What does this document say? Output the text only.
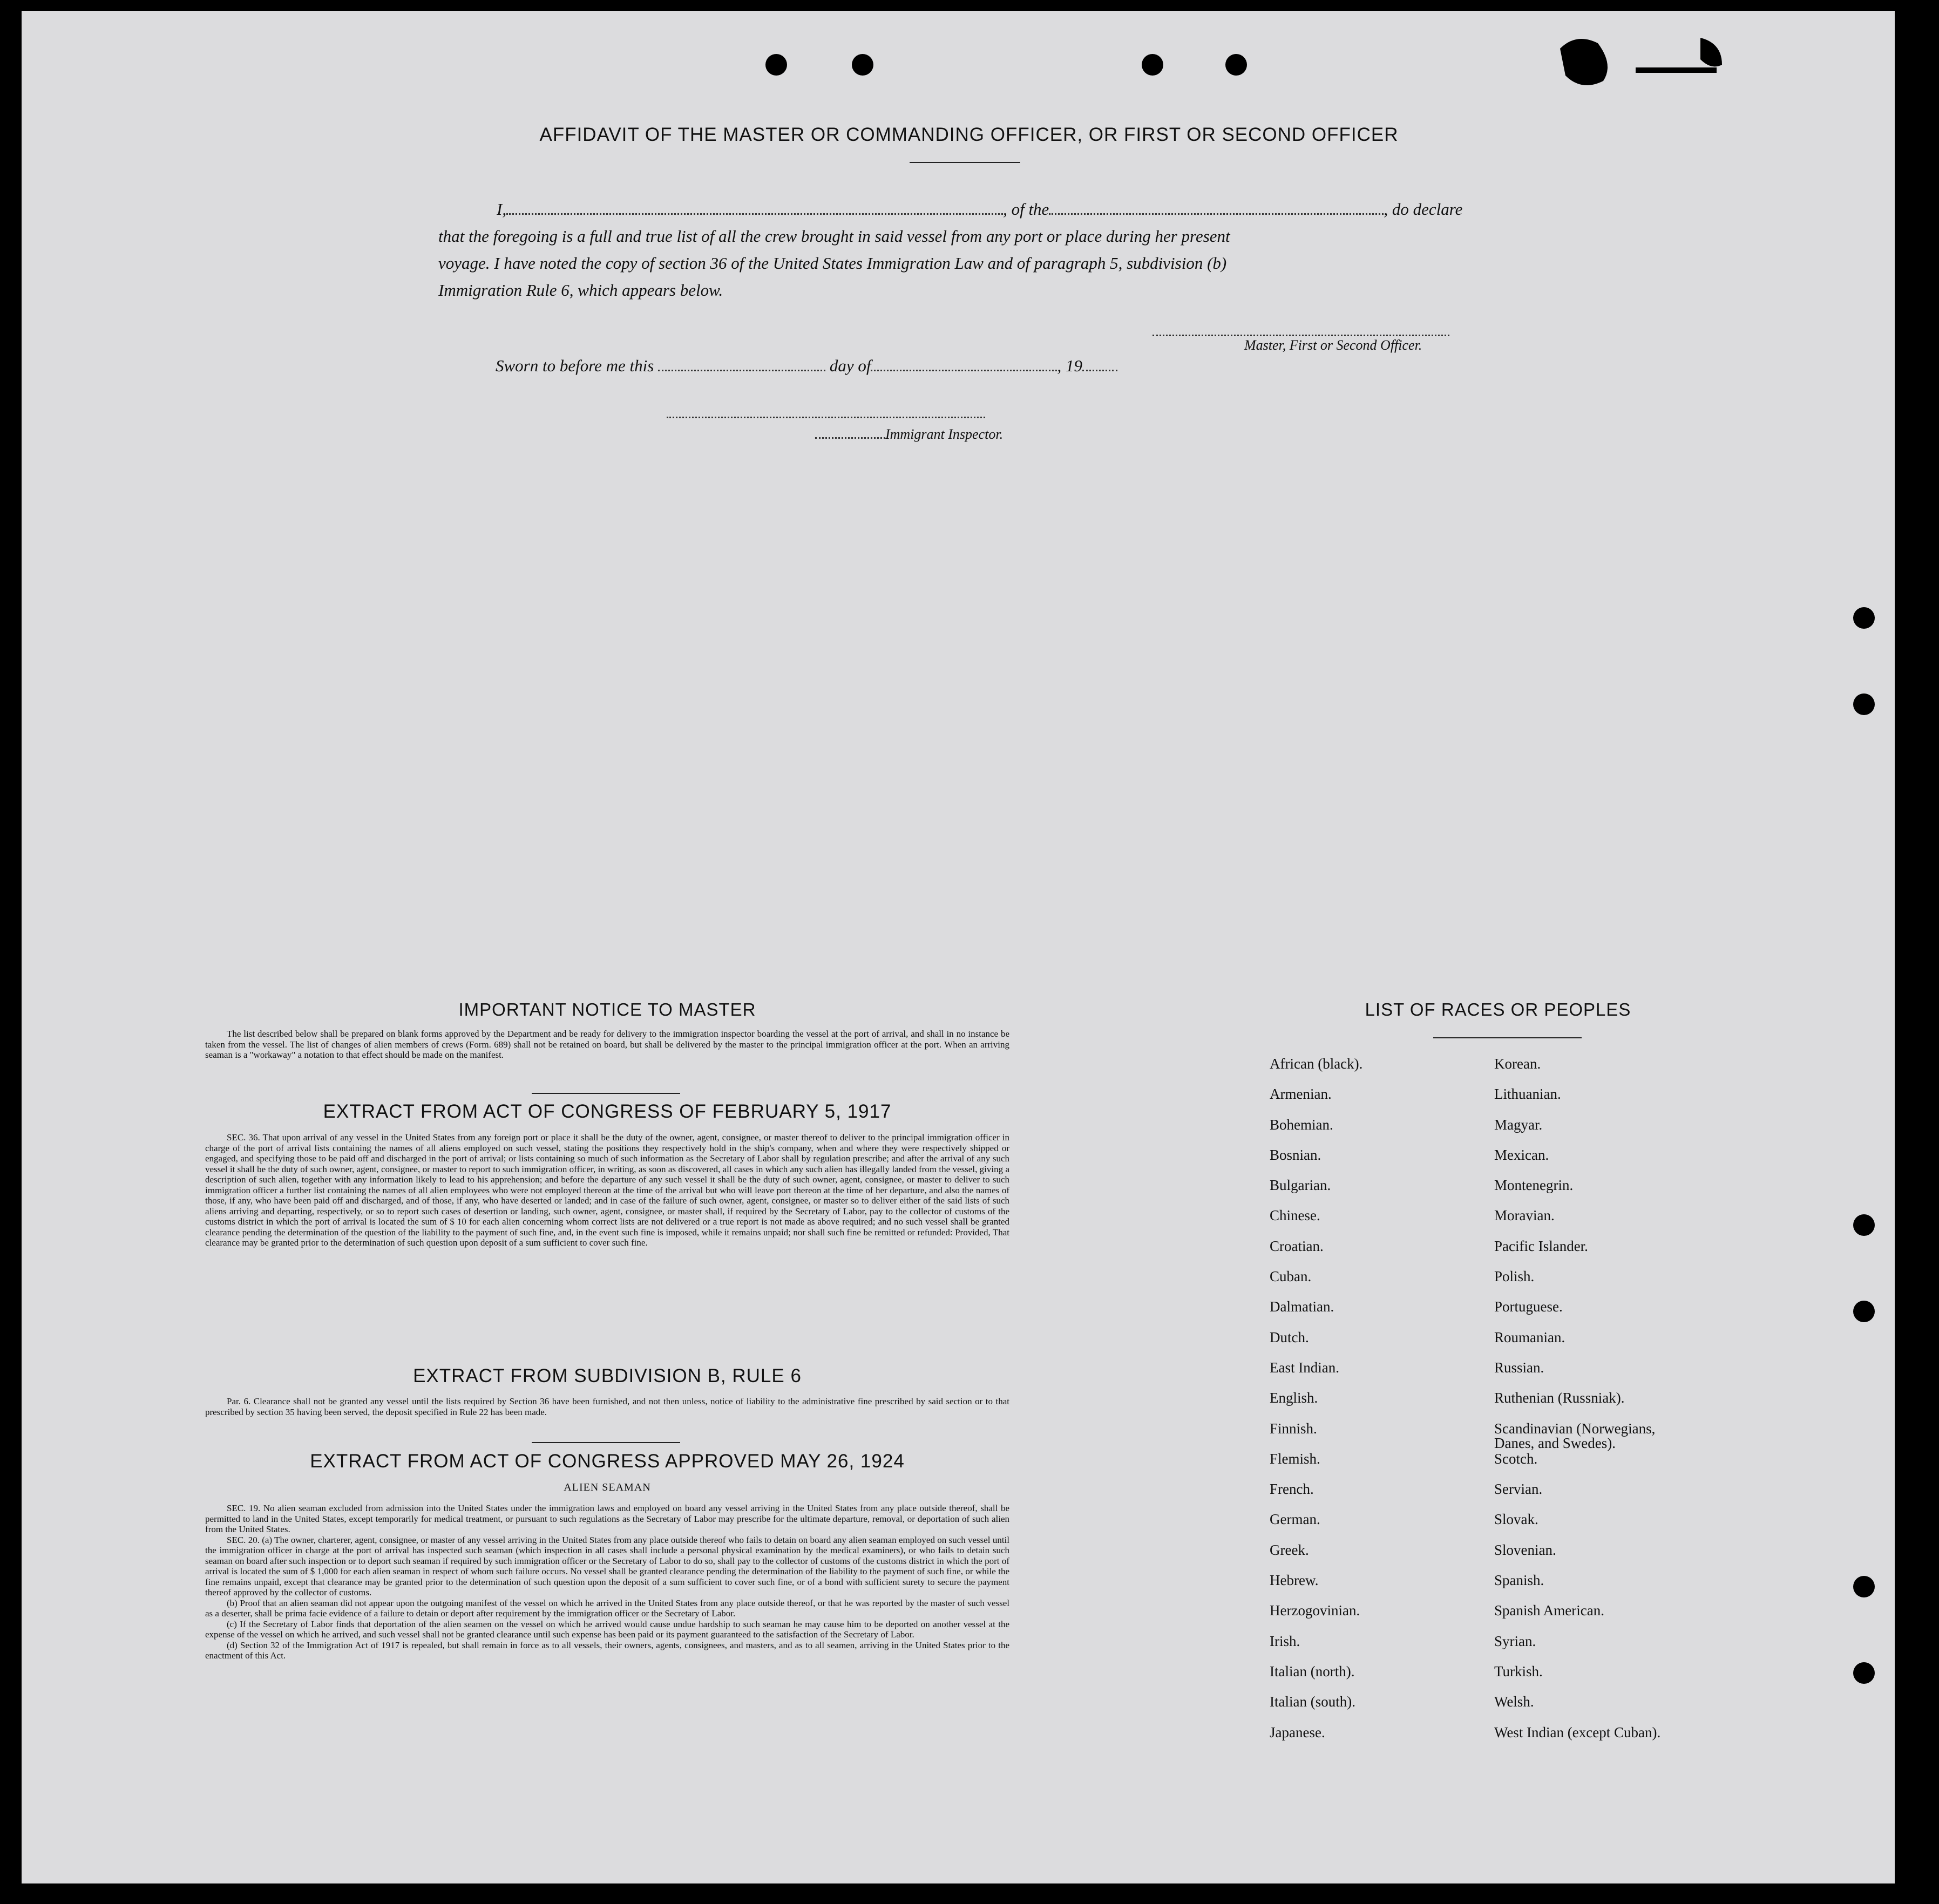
AFFIDAVIT OF THE MASTER OR COMMANDING OFFICER, OR FIRST OR SECOND OFFICER
I,	, of the	, do declare
that the foregoing is a full and true list of all the crew brought in said vessel from any port or place during her present
voyage. I have noted the copy of section 36 of the United States Immigration Law and of paragraph 5, subdivision (b)
Immigration Rule 6, which appears below.
Master, First or Second Officer.
Sworn to before me this	day of	, 19
Immigrant Inspector.
IMPORTANT NOTICE TO MASTER

The list described below shall be prepared on blank forms approved by the Department and be ready for delivery to the immigration inspector boarding the vessel at the port of arrival, and shall in no instance be taken from the vessel. The list of changes of alien members of crews (Form. 689) shall not be retained on board, but shall be delivered by the master to the principal immigration officer at the port. When an arriving seaman is a "workaway" a notation to that effect should be made on the manifest.

EXTRACT FROM ACT OF CONGRESS OF FEBRUARY 5, 1917

SEC. 36. That upon arrival of any vessel in the United States from any foreign port or place it shall be the duty of the owner, agent, consignee, or master thereof to deliver to the principal immigration officer in charge of the port of arrival lists containing the names of all aliens employed on such vessel, stating the positions they respectively hold in the ship's company, when and where they were respectively shipped or engaged, and specifying those to be paid off and discharged in the port of arrival; or lists containing so much of such information as the Secretary of Labor shall by regulation prescribe; and after the arrival of any such vessel it shall be the duty of such owner, agent, consignee, or master to report to such immigration officer, in writing, as soon as discovered, all cases in which any such alien has illegally landed from the vessel, giving a description of such alien, together with any information likely to lead to his apprehension; and before the departure of any such vessel it shall be the duty of such owner, agent, consignee, or master to deliver to such immigration officer a further list containing the names of all alien employees who were not employed thereon at the time of the arrival but who will leave port thereon at the time of her departure, and also the names of those, if any, who have been paid off and discharged, and of those, if any, who have deserted or landed; and in case of the failure of such owner, agent, consignee, or master so to deliver either of the said lists of such aliens arriving and departing, respectively, or so to report such cases of desertion or landing, such owner, agent, consignee, or master shall, if required by the Secretary of Labor, pay to the collector of customs of the customs district in which the port of arrival is located the sum of $ 10 for each alien concerning whom correct lists are not delivered or a true report is not made as above required; and no such vessel shall be granted clearance pending the determination of the question of the liability to the payment of such fine, and, in the event such fine is imposed, while it remains unpaid; nor shall such fine be remitted or refunded: Provided, That clearance may be granted prior to the determination of such question upon deposit of a sum sufficient to cover such fine.

EXTRACT FROM SUBDIVISION B, RULE 6

Par. 6. Clearance shall not be granted any vessel until the lists required by Section 36 have been furnished, and not then unless, notice of liability to the administrative fine prescribed by said section or to that prescribed by section 35 having been served, the deposit specified in Rule 22 has been made.

EXTRACT FROM ACT OF CONGRESS APPROVED MAY 26, 1924
ALIEN SEAMAN

SEC. 19. No alien seaman excluded from admission into the United States under the immigration laws and employed on board any vessel arriving in the United States from any place outside thereof, shall be permitted to land in the United States, except temporarily for medical treatment, or pursuant to such regulations as the Secretary of Labor may prescribe for the ultimate departure, removal, or deportation of such alien from the United States.

SEC. 20. (a) The owner, charterer, agent, consignee, or master of any vessel arriving in the United States from any place outside thereof who fails to detain on board any alien seaman employed on such vessel until the immigration officer in charge at the port of arrival has inspected such seaman (which inspection in all cases shall include a personal physical examination by the medical examiners), or who fails to detain such seaman on board after such inspection or to deport such seaman if required by such immigration officer or the Secretary of Labor to do so, shall pay to the collector of customs of the customs district in which the port of arrival is located the sum of $ 1,000 for each alien seaman in respect of whom such failure occurs. No vessel shall be granted clearance pending the determination of the liability to the payment of such fine, or while the fine remains unpaid, except that clearance may be granted prior to the determination of such question upon the deposit of a sum sufficient to cover such fine, or of a bond with sufficient surety to secure the payment thereof approved by the collector of customs.

(b) Proof that an alien seaman did not appear upon the outgoing manifest of the vessel on which he arrived in the United States from any place outside thereof, or that he was reported by the master of such vessel as a deserter, shall be prima facie evidence of a failure to detain or deport after requirement by the immigration officer or the Secretary of Labor.

(c) If the Secretary of Labor finds that deportation of the alien seamen on the vessel on which he arrived would cause undue hardship to such seaman he may cause him to be deported on another vessel at the expense of the vessel on which he arrived, and such vessel shall not be granted clearance until such expense has been paid or its payment guaranteed to the satisfaction of the Secretary of Labor.

(d) Section 32 of the Immigration Act of 1917 is repealed, but shall remain in force as to all vessels, their owners, agents, consignees, and masters, and as to all seamen, arriving in the United States prior to the enactment of this Act.

LIST OF RACES OR PEOPLES
African (black).
Armenian.
Bohemian.
Bosnian.
Bulgarian.
Chinese.
Croatian.
Cuban.
Dalmatian.
Dutch.
East Indian.
English.
Finnish.
Flemish.
French.
German.
Greek.
Hebrew.
Herzogovinian.
Irish.
Italian (north).
Italian (south).
Japanese.
Korean.
Lithuanian.
Magyar.
Mexican.
Montenegrin.
Moravian.
Pacific Islander.
Polish.
Portuguese.
Roumanian.
Russian.
Ruthenian (Russniak).
Scandinavian (Norwegians,
Danes, and Swedes).
Scotch.
Servian.
Slovak.
Slovenian.
Spanish.
Spanish American.
Syrian.
Turkish.
Welsh.
West Indian (except Cuban).
